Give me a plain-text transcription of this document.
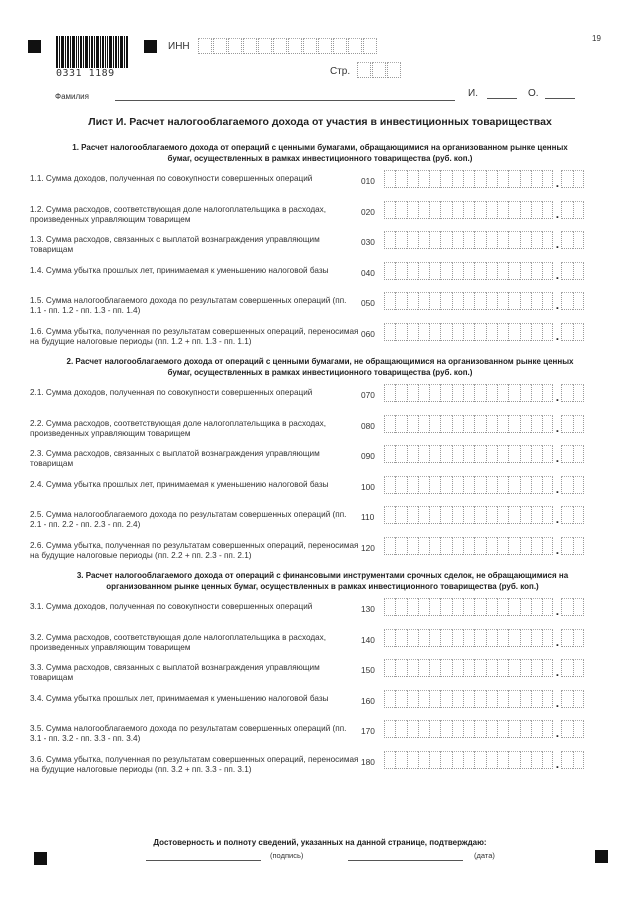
0331 1189
19
ИНН
Стр.
Фамилия	И.	О.
Лист И. Расчет налогооблагаемого дохода от участия в инвестиционных товариществах
1. Расчет налогооблагаемого дохода от операций с ценными бумагами, обращающимися на организованном рынке ценных бумаг, осуществленных в рамках инвестиционного товарищества (руб. коп.)
1.1. Сумма доходов, полученная по совокупности совершенных операций	010	.
1.2. Сумма расходов, соответствующая доле налогоплательщика в расходах, произведенных управляющим товарищем
020	.
1.3. Сумма расходов, связанных с выплатой вознаграждения управляющим товарищам
030	.
1.4. Сумма убытка прошлых лет, принимаемая к уменьшению налоговой базы	040	.
1.5. Сумма налогооблагаемого дохода по результатам совершенных операций (пп. 1.1 - пп. 1.2 - пп. 1.3 - пп. 1.4)
050	.
1.6. Сумма убытка, полученная по результатам совершенных операций, переносимая на будущие налоговые периоды (пп. 1.2 + пп. 1.3 - пп. 1.1)
060	.
2. Расчет налогооблагаемого дохода от операций с ценными бумагами, не обращающимися на организованном рынке ценных бумаг, осуществленных в рамках инвестиционного товарищества (руб. коп.)
2.1. Сумма доходов, полученная по совокупности совершенных операций	070	.
2.2. Сумма расходов, соответствующая доле налогоплательщика в расходах, произведенных управляющим товарищем
080	.
2.3. Сумма расходов, связанных с выплатой вознаграждения управляющим товарищам
090	.
2.4. Сумма убытка прошлых лет, принимаемая к уменьшению налоговой базы	100	.
2.5. Сумма налогооблагаемого дохода по результатам совершенных операций (пп. 2.1 - пп. 2.2 - пп. 2.3 - пп. 2.4)
110	.
2.6. Сумма убытка, полученная по результатам совершенных операций, переносимая на будущие налоговые периоды (пп. 2.2 + пп. 2.3 - пп. 2.1)
120	.
3. Расчет налогооблагаемого дохода от операций с финансовыми инструментами срочных сделок, не обращающимися на организованном рынке ценных бумаг, осуществленных в рамках инвестиционного товарищества (руб. коп.)
3.1. Сумма доходов, полученная по совокупности совершенных операций	130	.
3.2. Сумма расходов, соответствующая доле налогоплательщика в расходах, произведенных управляющим товарищем
140	.
3.3. Сумма расходов, связанных с выплатой вознаграждения управляющим товарищам
150	.
3.4. Сумма убытка прошлых лет, принимаемая к уменьшению налоговой базы	160	.
3.5. Сумма налогооблагаемого дохода по результатам совершенных операций (пп. 3.1 - пп. 3.2 - пп. 3.3 - пп. 3.4)
170	.
3.6. Сумма убытка, полученная по результатам совершенных операций, переносимая на будущие налоговые периоды (пп. 3.2 + пп. 3.3 - пп. 3.1)
180	.
Достоверность и полноту сведений, указанных на данной странице, подтверждаю:
(подпись)	(дата)
